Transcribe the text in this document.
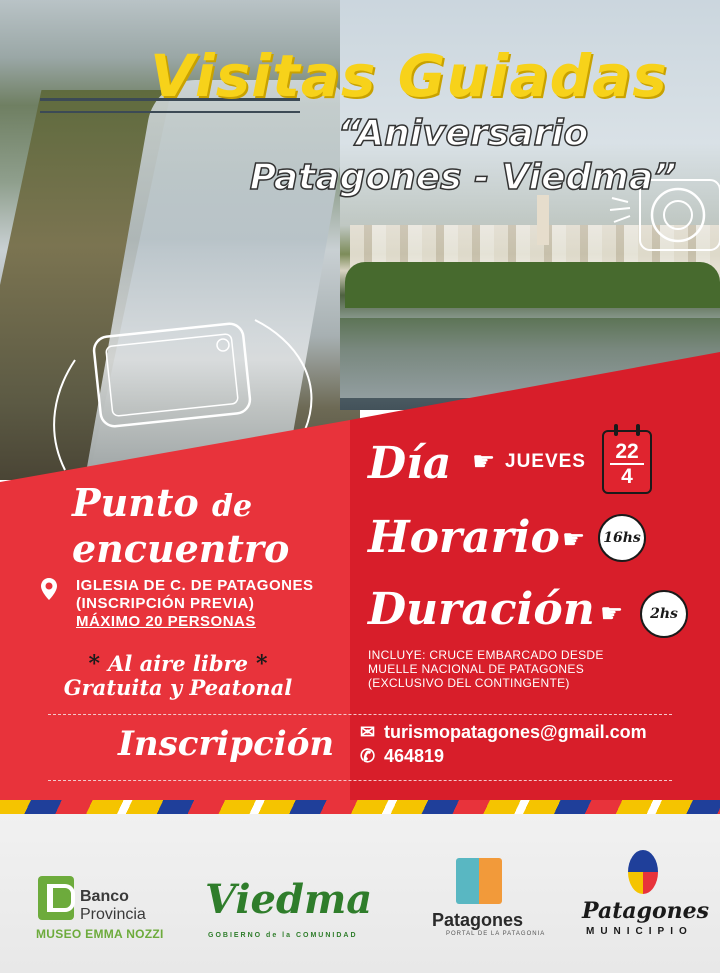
Visitas Guiadas
“Aniversario
Patagones - Viedma”
Punto de
encuentro
IGLESIA DE C. DE PATAGONES
(INSCRIPCIÓN PREVIA)
MÁXIMO 20 PERSONAS
* Al aire libre *
Gratuita y Peatonal
Día ☛ JUEVES 22
4
Horario ☛	16hs
Duración ☛	2hs
INCLUYE: CRUCE EMBARCADO DESDE
MUELLE NACIONAL DE PATAGONES
(EXCLUSIVO DEL CONTINGENTE)
Inscripción ✉ turismopatagones@gmail.com
✆ 464819
Banco
Provincia
MUSEO EMMA NOZZI
Viedma
GOBIERNO de la COMUNIDAD
Patagones
PORTAL DE LA PATAGONIA
Patagones
MUNICIPIO
